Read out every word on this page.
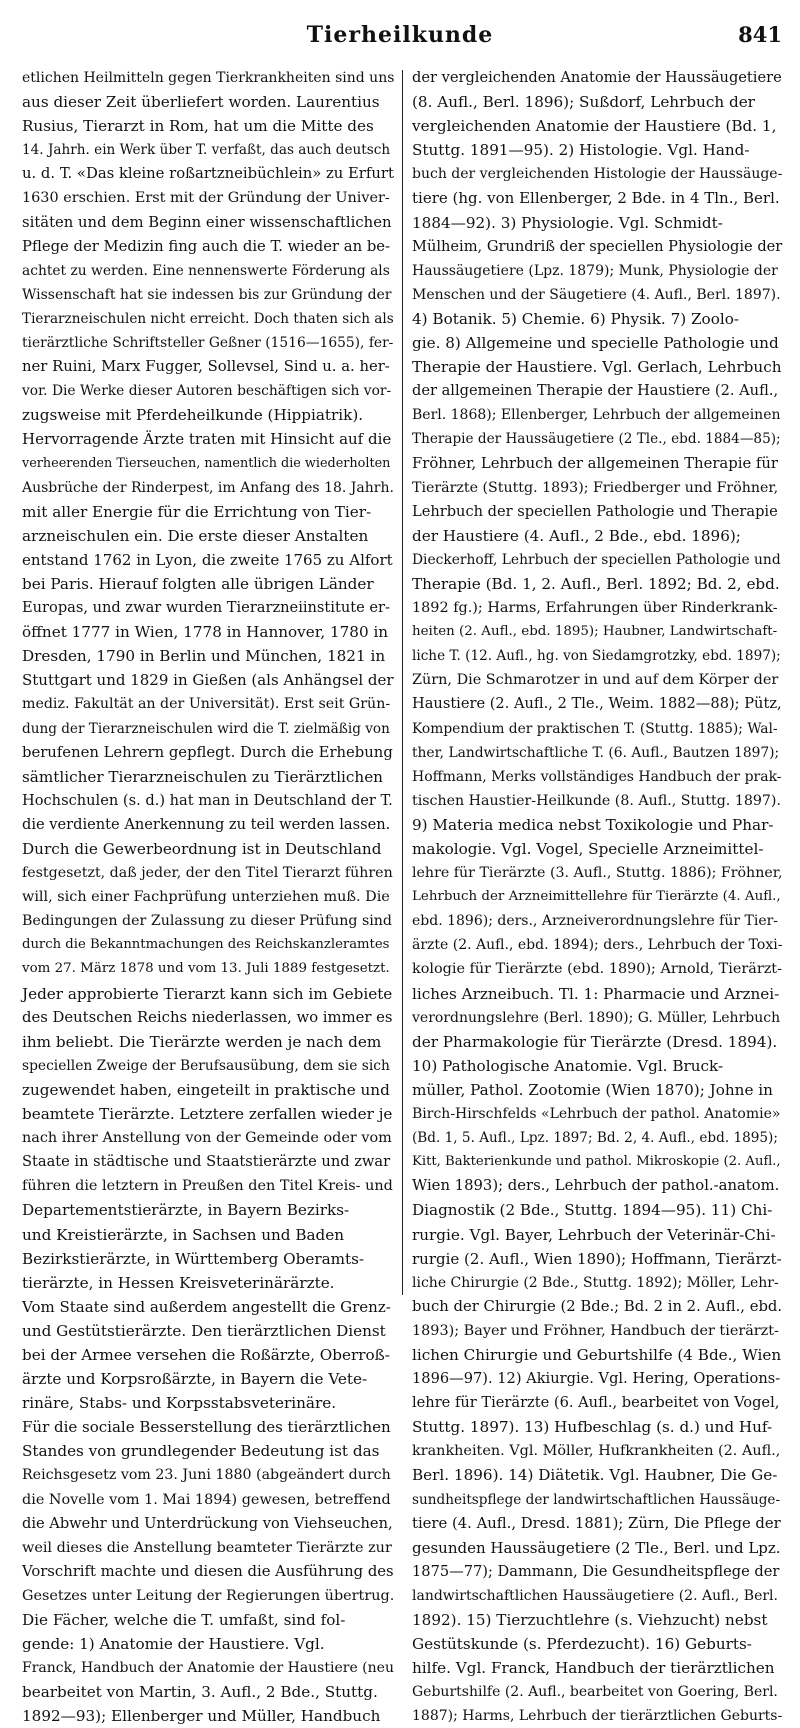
Tierheilkunde	841
etlichen Heilmitteln gegen Tierkrankheiten sind uns
aus dieser Zeit überliefert worden. Laurentius
Rusius, Tierarzt in Rom, hat um die Mitte des
14. Jahrh. ein Werk über T. verfaßt, das auch deutsch
u. d. T. «Das kleine roßartzneibüchlein» zu Erfurt
1630 erschien. Erst mit der Gründung der Univer-
sitäten und dem Beginn einer wissenschaftlichen
Pflege der Medizin fing auch die T. wieder an be-
achtet zu werden. Eine nennenswerte Förderung als
Wissenschaft hat sie indessen bis zur Gründung der
Tierarzneischulen nicht erreicht. Doch thaten sich als
tierärztliche Schriftsteller Geßner (1516—1655), fer-
ner Ruini, Marx Fugger, Sollevsel, Sind u. a. her-
vor. Die Werke dieser Autoren beschäftigen sich vor-
zugsweise mit Pferdeheilkunde (Hippiatrik).
Hervorragende Ärzte traten mit Hinsicht auf die
verheerenden Tierseuchen, namentlich die wiederholten
Ausbrüche der Rinderpest, im Anfang des 18. Jahrh.
mit aller Energie für die Errichtung von Tier-
arzneischulen ein. Die erste dieser Anstalten
entstand 1762 in Lyon, die zweite 1765 zu Alfort
bei Paris. Hierauf folgten alle übrigen Länder
Europas, und zwar wurden Tierarzneiinstitute er-
öffnet 1777 in Wien, 1778 in Hannover, 1780 in
Dresden, 1790 in Berlin und München, 1821 in
Stuttgart und 1829 in Gießen (als Anhängsel der
mediz. Fakultät an der Universität). Erst seit Grün-
dung der Tierarzneischulen wird die T. zielmäßig von
berufenen Lehrern gepflegt. Durch die Erhebung
sämtlicher Tierarzneischulen zu Tierärztlichen
Hochschulen (s. d.) hat man in Deutschland der T.
die verdiente Anerkennung zu teil werden lassen.
Durch die Gewerbeordnung ist in Deutschland
festgesetzt, daß jeder, der den Titel Tierarzt führen
will, sich einer Fachprüfung unterziehen muß. Die
Bedingungen der Zulassung zu dieser Prüfung sind
durch die Bekanntmachungen des Reichskanzleramtes
vom 27. März 1878 und vom 13. Juli 1889 festgesetzt.
Jeder approbierte Tierarzt kann sich im Gebiete
des Deutschen Reichs niederlassen, wo immer es
ihm beliebt. Die Tierärzte werden je nach dem
speciellen Zweige der Berufsausübung, dem sie sich
zugewendet haben, eingeteilt in praktische und
beamtete Tierärzte. Letztere zerfallen wieder je
nach ihrer Anstellung von der Gemeinde oder vom
Staate in städtische und Staatstierärzte und zwar
führen die letztern in Preußen den Titel Kreis- und
Departementstierärzte, in Bayern Bezirks-
und Kreistierärzte, in Sachsen und Baden
Bezirkstierärzte, in Württemberg Oberamts-
tierärzte, in Hessen Kreisveterinärärzte.
Vom Staate sind außerdem angestellt die Grenz-
und Gestütstierärzte. Den tierärztlichen Dienst
bei der Armee versehen die Roßärzte, Oberroß-
ärzte und Korpsroßärzte, in Bayern die Vete-
rinäre, Stabs- und Korpsstabsveterinäre.
Für die sociale Besserstellung des tierärztlichen
Standes von grundlegender Bedeutung ist das
Reichsgesetz vom 23. Juni 1880 (abgeändert durch
die Novelle vom 1. Mai 1894) gewesen, betreffend
die Abwehr und Unterdrückung von Viehseuchen,
weil dieses die Anstellung beamteter Tierärzte zur
Vorschrift machte und diesen die Ausführung des
Gesetzes unter Leitung der Regierungen übertrug.
Die Fächer, welche die T. umfaßt, sind fol-
gende: 1) Anatomie der Haustiere. Vgl.
Franck, Handbuch der Anatomie der Haustiere (neu
bearbeitet von Martin, 3. Aufl., 2 Bde., Stuttg.
1892—93); Ellenberger und Müller, Handbuch
der vergleichenden Anatomie der Haussäugetiere
(8. Aufl., Berl. 1896); Sußdorf, Lehrbuch der
vergleichenden Anatomie der Haustiere (Bd. 1,
Stuttg. 1891—95). 2) Histologie. Vgl. Hand-
buch der vergleichenden Histologie der Haussäuge-
tiere (hg. von Ellenberger, 2 Bde. in 4 Tln., Berl.
1884—92). 3) Physiologie. Vgl. Schmidt-
Mülheim, Grundriß der speciellen Physiologie der
Haussäugetiere (Lpz. 1879); Munk, Physiologie der
Menschen und der Säugetiere (4. Aufl., Berl. 1897).
4) Botanik. 5) Chemie. 6) Physik. 7) Zoolo-
gie. 8) Allgemeine und specielle Pathologie und
Therapie der Haustiere. Vgl. Gerlach, Lehrbuch
der allgemeinen Therapie der Haustiere (2. Aufl.,
Berl. 1868); Ellenberger, Lehrbuch der allgemeinen
Therapie der Haussäugetiere (2 Tle., ebd. 1884—85);
Fröhner, Lehrbuch der allgemeinen Therapie für
Tierärzte (Stuttg. 1893); Friedberger und Fröhner,
Lehrbuch der speciellen Pathologie und Therapie
der Haustiere (4. Aufl., 2 Bde., ebd. 1896);
Dieckerhoff, Lehrbuch der speciellen Pathologie und
Therapie (Bd. 1, 2. Aufl., Berl. 1892; Bd. 2, ebd.
1892 fg.); Harms, Erfahrungen über Rinderkrank-
heiten (2. Aufl., ebd. 1895); Haubner, Landwirtschaft-
liche T. (12. Aufl., hg. von Siedamgrotzky, ebd. 1897);
Zürn, Die Schmarotzer in und auf dem Körper der
Haustiere (2. Aufl., 2 Tle., Weim. 1882—88); Pütz,
Kompendium der praktischen T. (Stuttg. 1885); Wal-
ther, Landwirtschaftliche T. (6. Aufl., Bautzen 1897);
Hoffmann, Merks vollständiges Handbuch der prak-
tischen Haustier-Heilkunde (8. Aufl., Stuttg. 1897).
9) Materia medica nebst Toxikologie und Phar-
makologie. Vgl. Vogel, Specielle Arzneimittel-
lehre für Tierärzte (3. Aufl., Stuttg. 1886); Fröhner,
Lehrbuch der Arzneimittellehre für Tierärzte (4. Aufl.,
ebd. 1896); ders., Arzneiverordnungslehre für Tier-
ärzte (2. Aufl., ebd. 1894); ders., Lehrbuch der Toxi-
kologie für Tierärzte (ebd. 1890); Arnold, Tierärzt-
liches Arzneibuch. Tl. 1: Pharmacie und Arznei-
verordnungslehre (Berl. 1890); G. Müller, Lehrbuch
der Pharmakologie für Tierärzte (Dresd. 1894).
10) Pathologische Anatomie. Vgl. Bruck-
müller, Pathol. Zootomie (Wien 1870); Johne in
Birch-Hirschfelds «Lehrbuch der pathol. Anatomie»
(Bd. 1, 5. Aufl., Lpz. 1897; Bd. 2, 4. Aufl., ebd. 1895);
Kitt, Bakterienkunde und pathol. Mikroskopie (2. Aufl.,
Wien 1893); ders., Lehrbuch der pathol.-anatom.
Diagnostik (2 Bde., Stuttg. 1894—95). 11) Chi-
rurgie. Vgl. Bayer, Lehrbuch der Veterinär-Chi-
rurgie (2. Aufl., Wien 1890); Hoffmann, Tierärzt-
liche Chirurgie (2 Bde., Stuttg. 1892); Möller, Lehr-
buch der Chirurgie (2 Bde.; Bd. 2 in 2. Aufl., ebd.
1893); Bayer und Fröhner, Handbuch der tierärzt-
lichen Chirurgie und Geburtshilfe (4 Bde., Wien
1896—97). 12) Akiurgie. Vgl. Hering, Operations-
lehre für Tierärzte (6. Aufl., bearbeitet von Vogel,
Stuttg. 1897). 13) Hufbeschlag (s. d.) und Huf-
krankheiten. Vgl. Möller, Hufkrankheiten (2. Aufl.,
Berl. 1896). 14) Diätetik. Vgl. Haubner, Die Ge-
sundheitspflege der landwirtschaftlichen Haussäuge-
tiere (4. Aufl., Dresd. 1881); Zürn, Die Pflege der
gesunden Haussäugetiere (2 Tle., Berl. und Lpz.
1875—77); Dammann, Die Gesundheitspflege der
landwirtschaftlichen Haussäugetiere (2. Aufl., Berl.
1892). 15) Tierzuchtlehre (s. Viehzucht) nebst
Gestütskunde (s. Pferdezucht). 16) Geburts-
hilfe. Vgl. Franck, Handbuch der tierärztlichen
Geburtshilfe (2. Aufl., bearbeitet von Goering, Berl.
1887); Harms, Lehrbuch der tierärztlichen Geburts-
